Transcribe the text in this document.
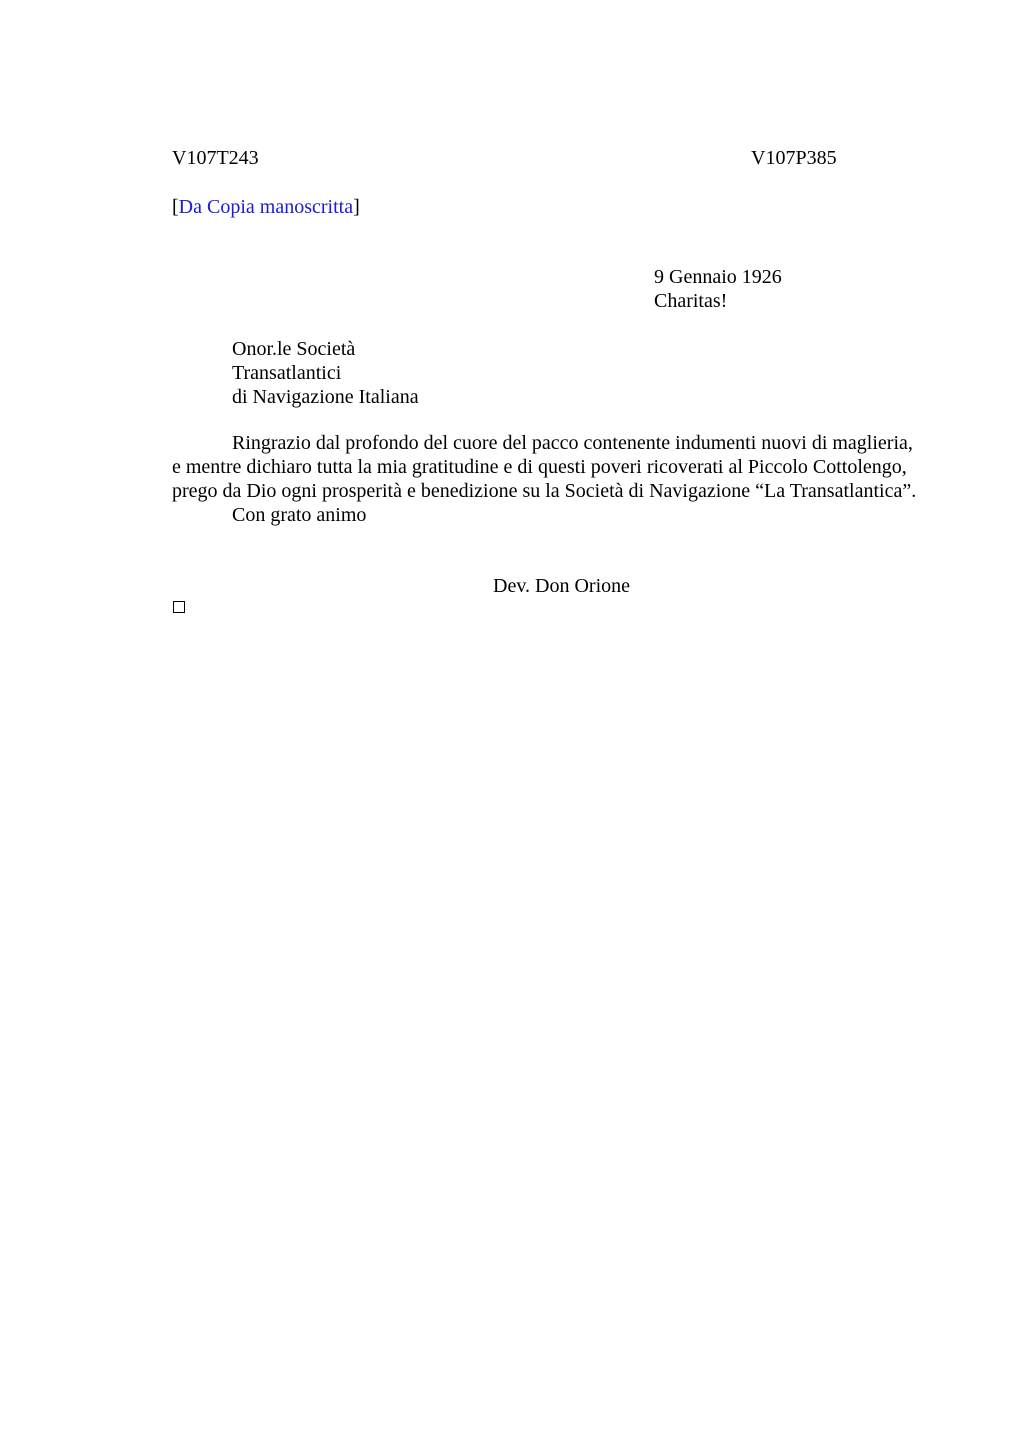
V107T243	V107P385
[Da Copia manoscritta]
9 Gennaio 1926
Charitas!
Onor.le Società
Transatlantici
di Navigazione Italiana

Ringrazio dal profondo del cuore del pacco contenente indumenti nuovi di maglieria, e mentre dichiaro tutta la mia gratitudine e di questi poveri ricoverati al Piccolo Cottolengo, prego da Dio ogni prosperità e benedizione su la Società di Navigazione “La Transatlantica”.

Con grato animo

Dev. Don Orione
